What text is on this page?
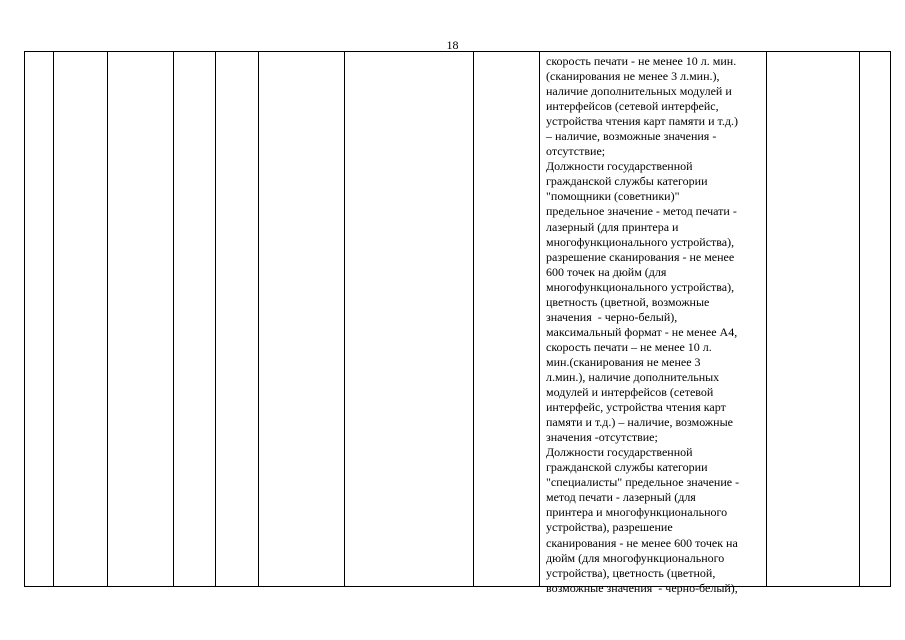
18
скорость печати - не менее 10 л. мин.
(сканирования не менее 3 л.мин.),
наличие дополнительных модулей и
интерфейсов (сетевой интерфейс,
устройства чтения карт памяти и т.д.)
– наличие, возможные значения -
отсутствие;
Должности государственной
гражданской службы категории
"помощники (советники)"
предельное значение - метод печати -
лазерный (для принтера и
многофункционального устройства),
разрешение сканирования - не менее
600 точек на дюйм (для
многофункционального устройства),
цветность (цветной, возможные
значения  - черно-белый),
максимальный формат - не менее А4,
скорость печати – не менее 10 л.
мин.(сканирования не менее 3
л.мин.), наличие дополнительных
модулей и интерфейсов (сетевой
интерфейс, устройства чтения карт
памяти и т.д.) – наличие, возможные
значения -отсутствие;
Должности государственной
гражданской службы категории
"специалисты" предельное значение -
метод печати - лазерный (для
принтера и многофункционального
устройства), разрешение
сканирования - не менее 600 точек на
дюйм (для многофункционального
устройства), цветность (цветной,
возможные значения  - черно-белый),
